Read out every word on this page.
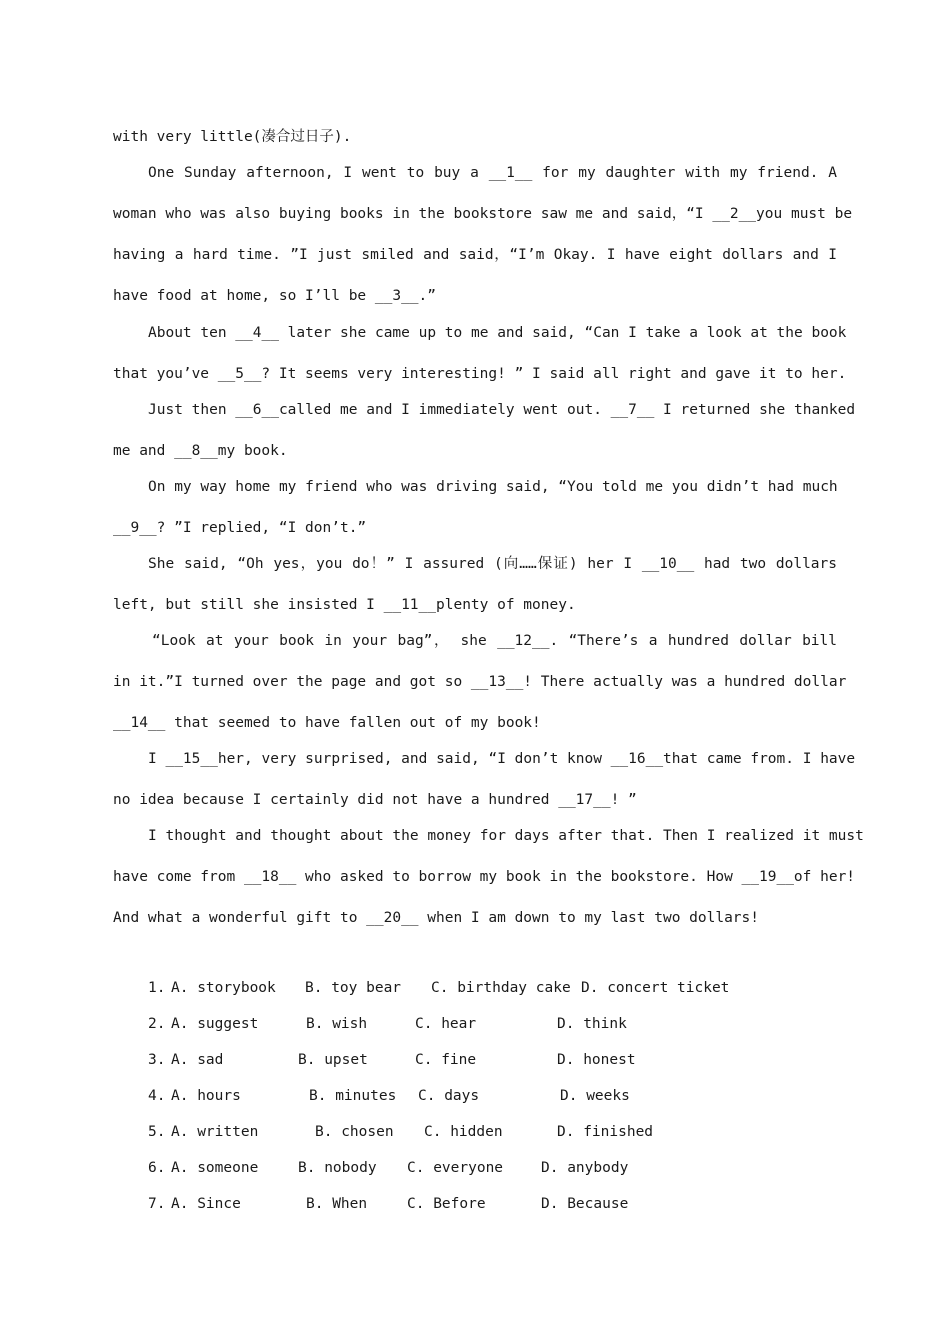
with very little(凑合过日子).
One Sunday afternoon, I went to buy a __1__ for my daughter with my friend. A
woman who was also buying books in the bookstore saw me and said，“I __2__you must be
having a hard time. ”I just smiled and said，“I’m Okay. I have eight dollars and I
have food at home, so I’ll be __3__.”
About ten __4__ later she came up to me and said, “Can I take a look at the book
that you’ve __5__? It seems very interesting! ” I said all right and gave it to her.
Just then __6__called me and I immediately went out. __7__ I returned she thanked
me and __8__my book.
On my way home my friend who was driving said, “You told me you didn’t had much
__9__? ”I replied, “I don’t.”
She said, “Oh yes，you do！” I assured (向……保证) her I __10__ had two dollars
left, but still she insisted I __11__plenty of money.
“Look at your book in your bag”， she __12__. “There’s a hundred dollar bill
in it.”I turned over the page and got so __13__! There actually was a hundred dollar
__14__ that seemed to have fallen out of my book!
I __15__her, very surprised, and said, “I don’t know __16__that came from. I have
no idea because I certainly did not have a hundred __17__! ”
I thought and thought about the money for days after that. Then I realized it must
have come from __18__ who asked to borrow my book in the bookstore. How __19__of her!
And what a wonderful gift to __20__ when I am down to my last two dollars!
1. A. storybook B. toy bear C. birthday cake D. concert ticket
2. A. suggest	B. wish	C. hear	D. think
3. A. sad	B. upset	C. fine	D. honest
4. A. hours	B. minutes C. days	D. weeks
5. A. written	B. chosen C. hidden	D. finished
6. A. someone	B. nobody C. everyone	D. anybody
7. A. Since	B. When	C. Before	D. Because
